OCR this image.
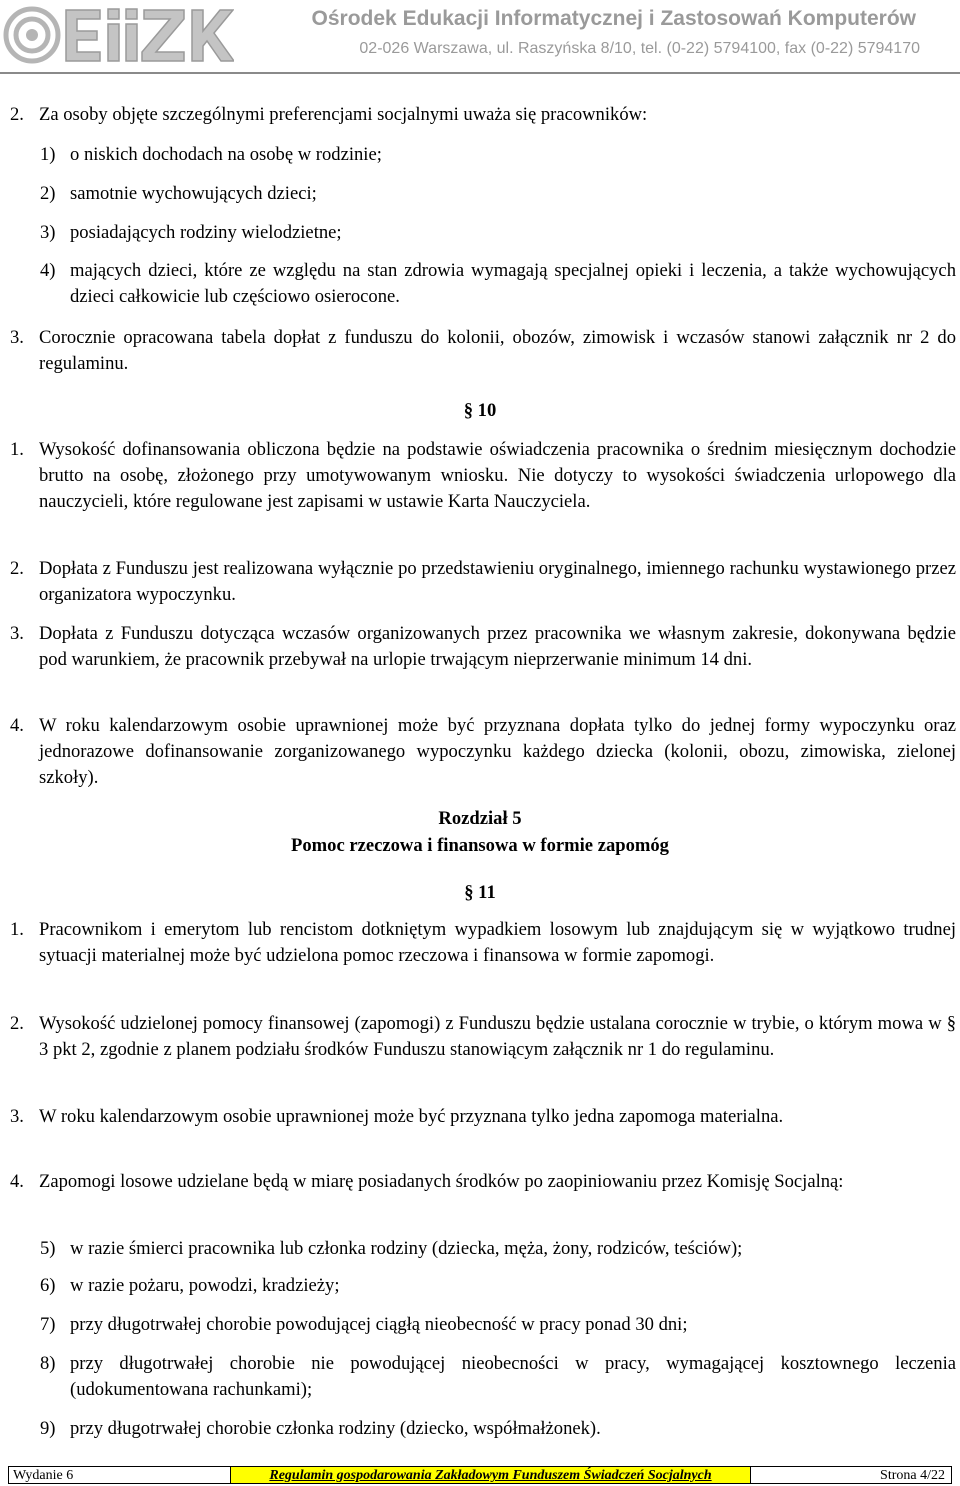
Ośrodek Edukacji Informatycznej i Zastosowań Komputerów
02-026 Warszawa, ul. Raszyńska 8/10, tel. (0-22) 5794100, fax (0-22) 5794170
2. Za osoby objęte szczególnymi preferencjami socjalnymi uważa się pracowników:
1) o niskich dochodach na osobę w rodzinie;
2) samotnie wychowujących dzieci;
3) posiadających rodziny wielodzietne;
4) mających dzieci, które ze względu na stan zdrowia wymagają specjalnej opieki i leczenia, a także wychowujących dzieci całkowicie lub częściowo osierocone.
3. Corocznie opracowana tabela dopłat z funduszu do kolonii, obozów, zimowisk i wczasów stanowi załącznik nr 2 do regulaminu.
§ 10
1. Wysokość dofinansowania obliczona będzie na podstawie oświadczenia pracownika o średnim miesięcznym dochodzie brutto na osobę, złożonego przy umotywowanym wniosku. Nie dotyczy to wysokości świadczenia urlopowego dla nauczycieli, które regulowane jest zapisami w ustawie Karta Nauczyciela.
2. Dopłata z Funduszu jest realizowana wyłącznie po przedstawieniu oryginalnego, imiennego rachunku wystawionego przez organizatora wypoczynku.
3. Dopłata z Funduszu dotycząca wczasów organizowanych przez pracownika we własnym zakresie, dokonywana będzie pod warunkiem, że pracownik przebywał na urlopie trwającym nieprzerwanie minimum 14 dni.
4. W roku kalendarzowym osobie uprawnionej może być przyznana dopłata tylko do jednej formy wypoczynku oraz jednorazowe dofinansowanie zorganizowanego wypoczynku każdego dziecka (kolonii, obozu, zimowiska, zielonej szkoły).
Rozdział 5
Pomoc rzeczowa i finansowa w formie zapomóg
§ 11
1. Pracownikom i emerytom lub rencistom dotkniętym wypadkiem losowym lub znajdującym się w wyjątkowo trudnej sytuacji materialnej może być udzielona pomoc rzeczowa i finansowa w formie zapomogi.
2. Wysokość udzielonej pomocy finansowej (zapomogi) z Funduszu będzie ustalana corocznie w trybie, o którym mowa w § 3 pkt 2, zgodnie z planem podziału środków Funduszu stanowiącym załącznik nr 1 do regulaminu.
3. W roku kalendarzowym osobie uprawnionej może być przyznana tylko jedna zapomoga materialna.
4. Zapomogi losowe udzielane będą w miarę posiadanych środków po zaopiniowaniu przez Komisję Socjalną:
5) w razie śmierci pracownika lub członka rodziny (dziecka, męża, żony, rodziców, teściów);
6) w razie pożaru, powodzi, kradzieży;
7) przy długotrwałej chorobie powodującej ciągłą nieobecność w pracy ponad 30 dni;
8) przy długotrwałej chorobie nie powodującej nieobecności w pracy, wymagającej kosztownego leczenia (udokumentowana rachunkami);
9) przy długotrwałej chorobie członka rodziny (dziecko, współmałżonek).
Wydanie 6	Regulamin gospodarowania Zakładowym Funduszem Świadczeń Socjalnych	Strona 4/22
